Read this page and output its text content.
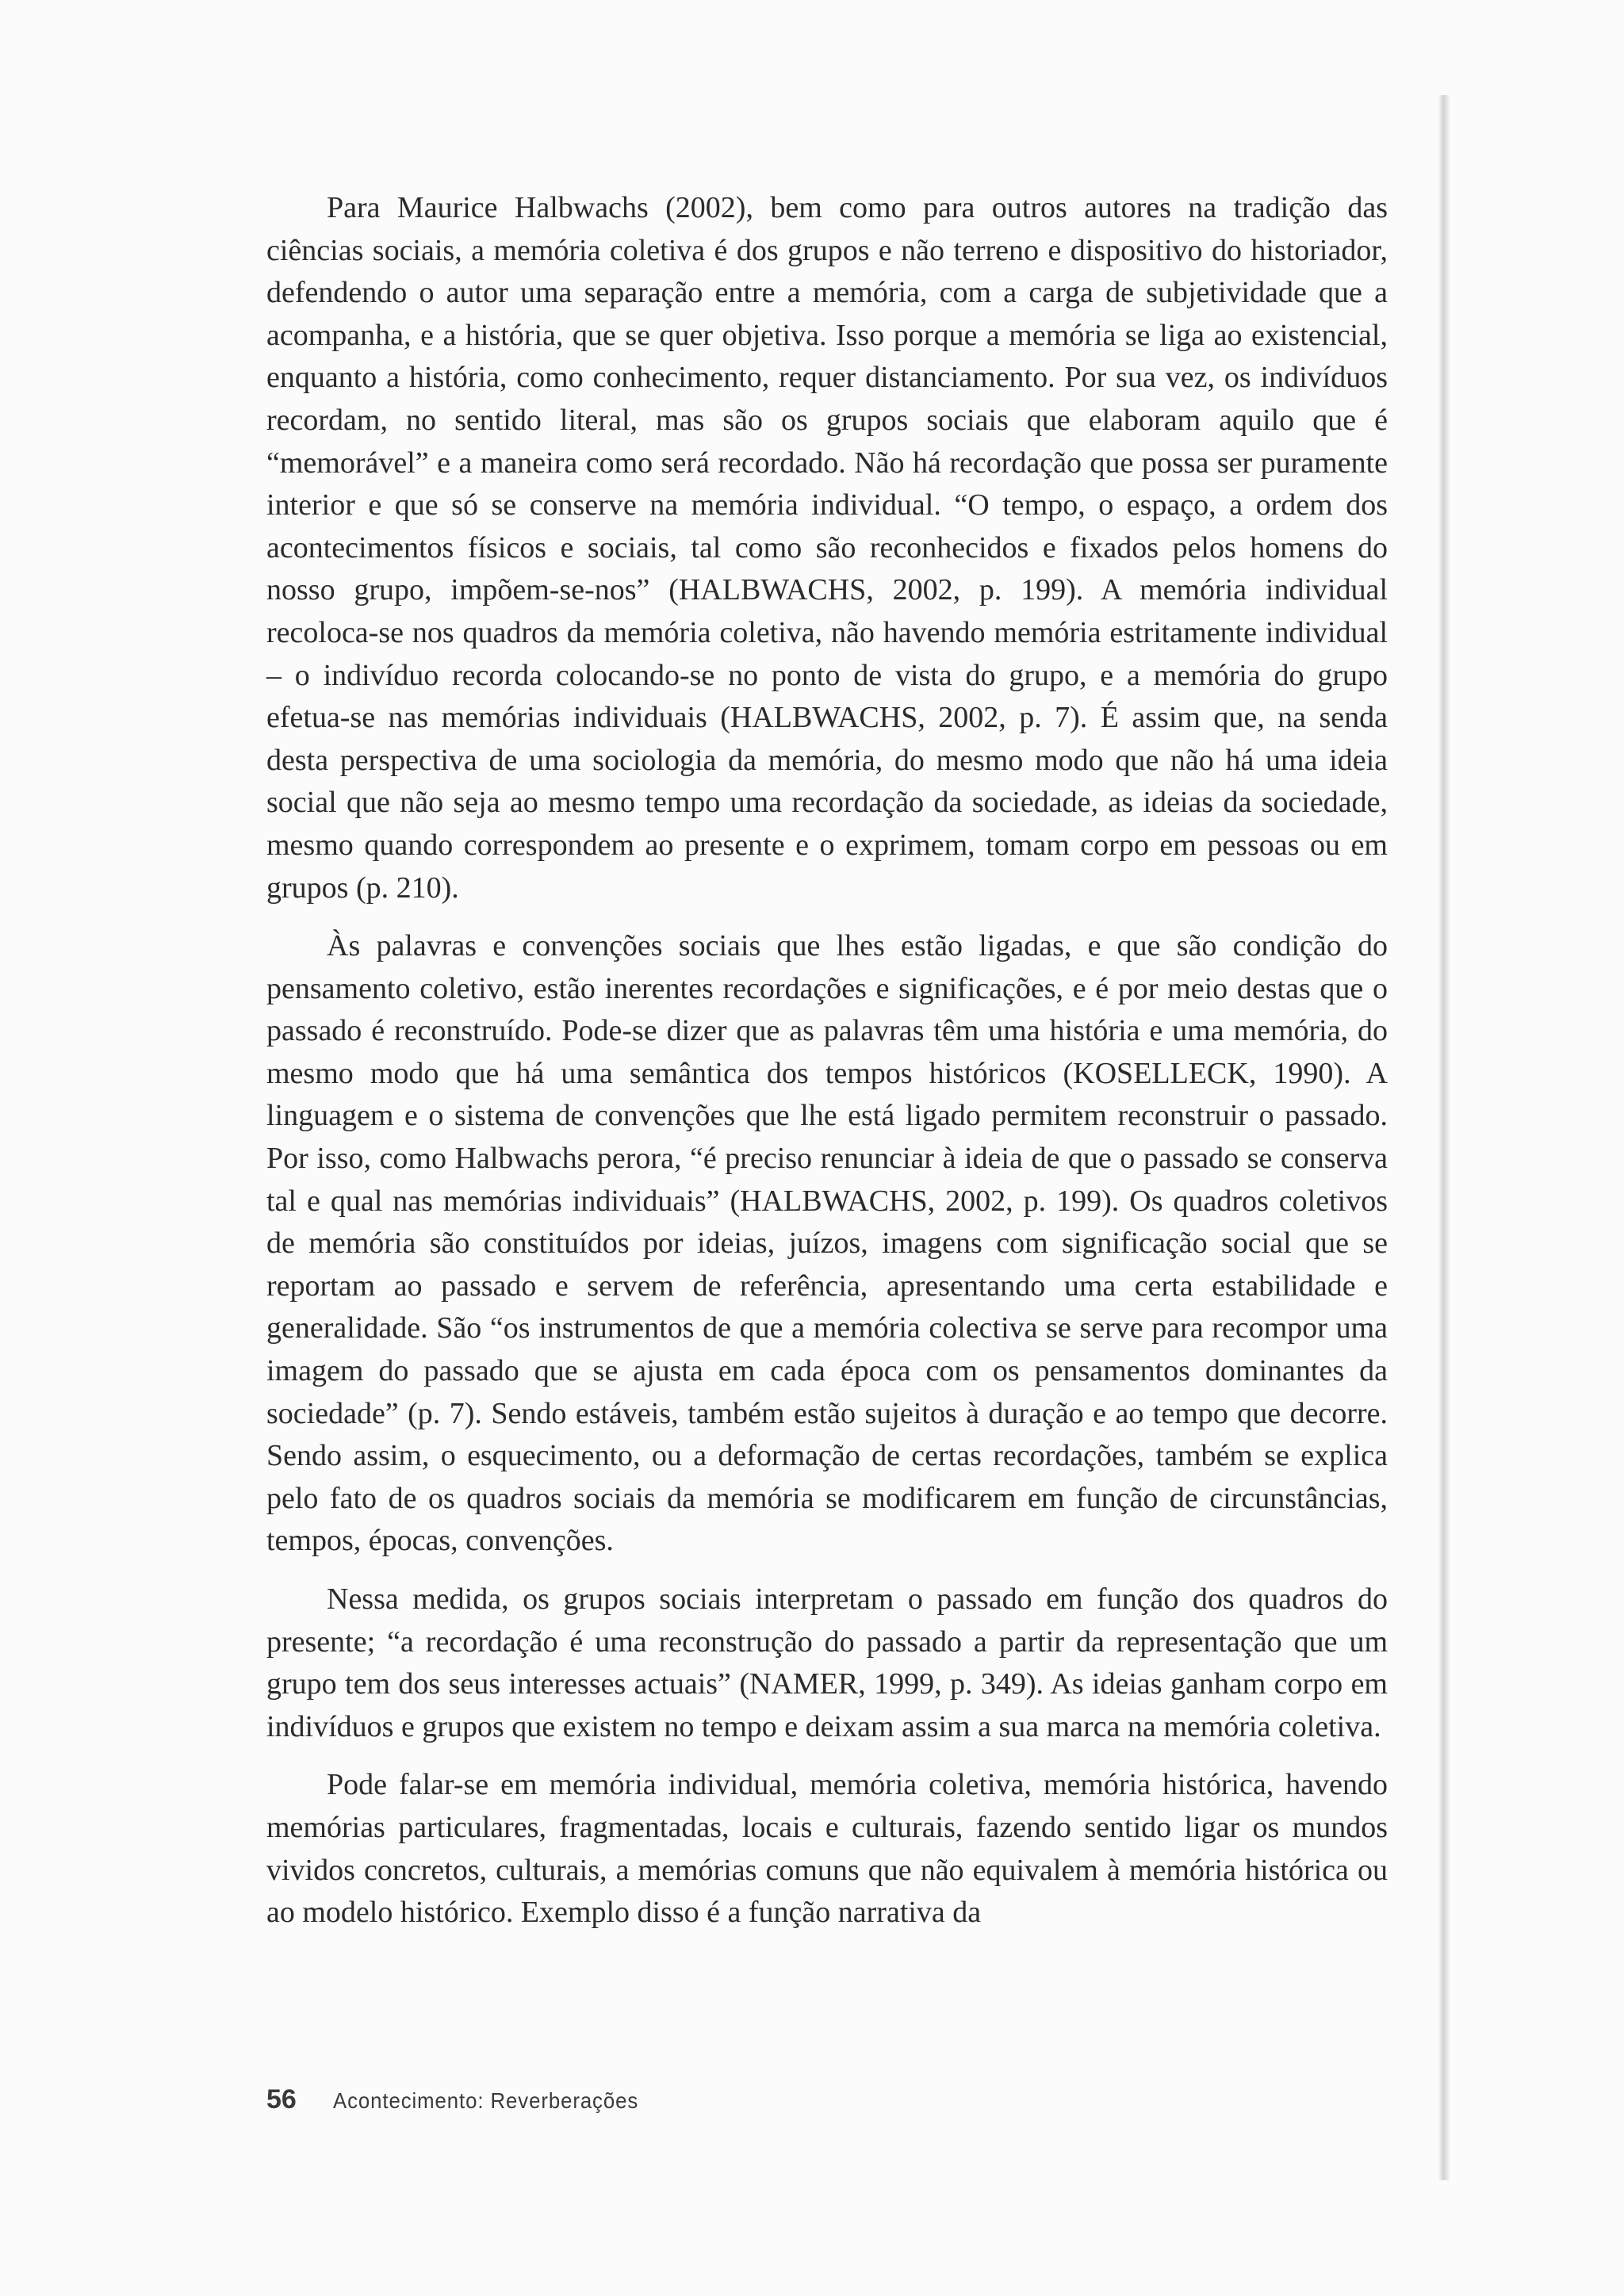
Para Maurice Halbwachs (2002), bem como para outros autores na tradição das ciências sociais, a memória coletiva é dos grupos e não terreno e dispositivo do historiador, defendendo o autor uma separação entre a memória, com a carga de subjetividade que a acompanha, e a história, que se quer objetiva. Isso porque a memória se liga ao existencial, enquanto a história, como conhecimento, requer distanciamento. Por sua vez, os indivíduos recordam, no sentido literal, mas são os grupos sociais que elaboram aquilo que é “memorável” e a maneira como será recordado. Não há recordação que possa ser puramente interior e que só se conserve na memória individual. “O tempo, o espaço, a ordem dos acontecimentos físicos e sociais, tal como são reconhecidos e fixados pelos homens do nosso grupo, impõem-se-nos” (HALBWACHS, 2002, p. 199). A memória individual recoloca-se nos quadros da memória coletiva, não havendo memória estritamente individual – o indivíduo recorda colocando-se no ponto de vista do grupo, e a memória do grupo efetua-se nas memórias individuais (HALBWACHS, 2002, p. 7). É assim que, na senda desta perspectiva de uma sociologia da memória, do mesmo modo que não há uma ideia social que não seja ao mesmo tempo uma recordação da sociedade, as ideias da sociedade, mesmo quando correspondem ao presente e o exprimem, tomam corpo em pessoas ou em grupos (p. 210).

Às palavras e convenções sociais que lhes estão ligadas, e que são condição do pensamento coletivo, estão inerentes recordações e significações, e é por meio destas que o passado é reconstruído. Pode-se dizer que as palavras têm uma história e uma memória, do mesmo modo que há uma semântica dos tempos históricos (KOSELLECK, 1990). A linguagem e o sistema de convenções que lhe está ligado permitem reconstruir o passado. Por isso, como Halbwachs perora, “é preciso renunciar à ideia de que o passado se conserva tal e qual nas memórias individuais” (HALBWACHS, 2002, p. 199). Os quadros coletivos de memória são constituídos por ideias, juízos, imagens com significação social que se reportam ao passado e servem de referência, apresentando uma certa estabilidade e generalidade. São “os instrumentos de que a memória colectiva se serve para recompor uma imagem do passado que se ajusta em cada época com os pensamentos dominantes da sociedade” (p. 7). Sendo estáveis, também estão sujeitos à duração e ao tempo que decorre. Sendo assim, o esquecimento, ou a deformação de certas recordações, também se explica pelo fato de os quadros sociais da memória se modificarem em função de circunstâncias, tempos, épocas, convenções.

Nessa medida, os grupos sociais interpretam o passado em função dos quadros do presente; “a recordação é uma reconstrução do passado a partir da representação que um grupo tem dos seus interesses actuais” (NAMER, 1999, p. 349). As ideias ganham corpo em indivíduos e grupos que existem no tempo e deixam assim a sua marca na memória coletiva.

Pode falar-se em memória individual, memória coletiva, memória histórica, havendo memórias particulares, fragmentadas, locais e culturais, fazendo sentido ligar os mundos vividos concretos, culturais, a memórias comuns que não equivalem à memória histórica ou ao modelo histórico. Exemplo disso é a função narrativa da

56 Acontecimento: Reverberações
